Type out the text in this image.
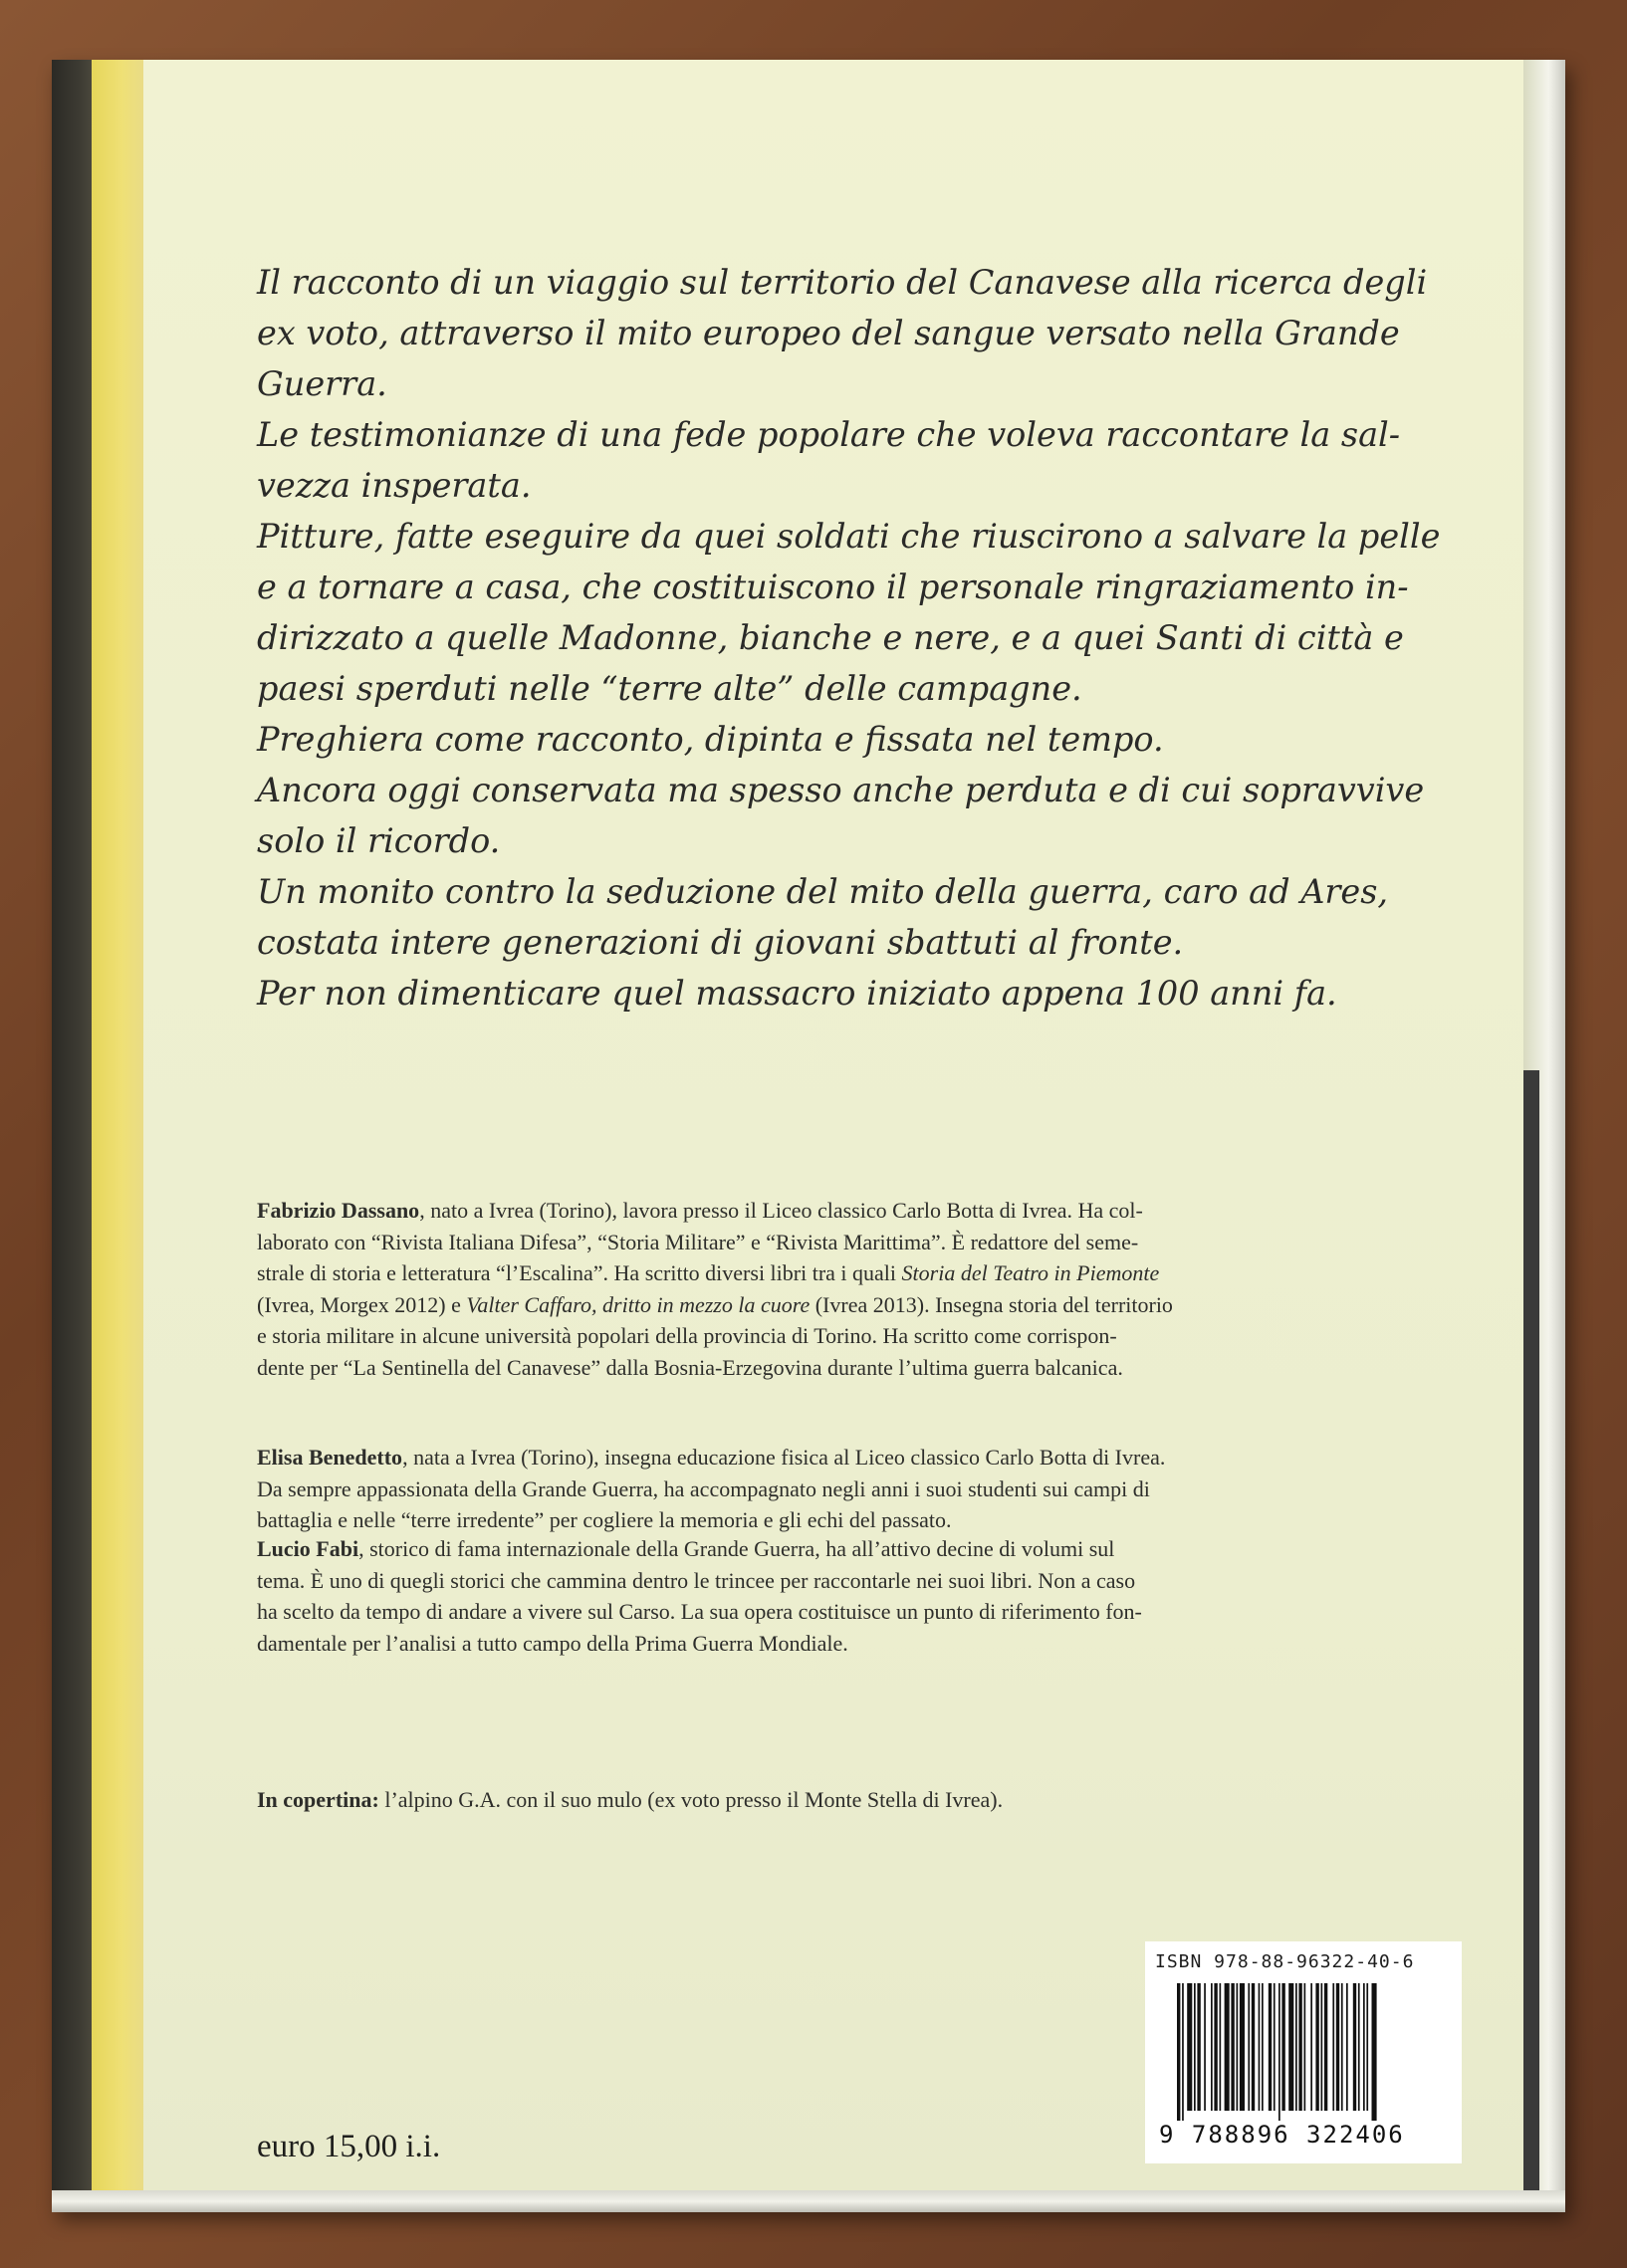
Il racconto di un viaggio sul territorio del Canavese alla ricerca degli
ex voto, attraverso il mito europeo del sangue versato nella Grande
Guerra.
Le testimonianze di una fede popolare che voleva raccontare la sal-
vezza insperata.
Pitture, fatte eseguire da quei soldati che riuscirono a salvare la pelle
e a tornare a casa, che costituiscono il personale ringraziamento in-
dirizzato a quelle Madonne, bianche e nere, e a quei Santi di città e
paesi sperduti nelle “terre alte” delle campagne.
Preghiera come racconto, dipinta e fissata nel tempo.
Ancora oggi conservata ma spesso anche perduta e di cui sopravvive
solo il ricordo.
Un monito contro la seduzione del mito della guerra, caro ad Ares,
costata intere generazioni di giovani sbattuti al fronte.
Per non dimenticare quel massacro iniziato appena 100 anni fa.
Fabrizio Dassano, nato a Ivrea (Torino), lavora presso il Liceo classico Carlo Botta di Ivrea. Ha col-
laborato con “Rivista Italiana Difesa”, “Storia Militare” e “Rivista Marittima”. È redattore del seme-
strale di storia e letteratura “l’Escalina”. Ha scritto diversi libri tra i quali Storia del Teatro in Piemonte
(Ivrea, Morgex 2012) e Valter Caffaro, dritto in mezzo la cuore (Ivrea 2013). Insegna storia del territorio
e storia militare in alcune università popolari della provincia di Torino. Ha scritto come corrispon-
dente per “La Sentinella del Canavese” dalla Bosnia-Erzegovina durante l’ultima guerra balcanica.
Elisa Benedetto, nata a Ivrea (Torino), insegna educazione fisica al Liceo classico Carlo Botta di Ivrea.
Da sempre appassionata della Grande Guerra, ha accompagnato negli anni i suoi studenti sui campi di
battaglia e nelle “terre irredente” per cogliere la memoria e gli echi del passato.
Lucio Fabi, storico di fama internazionale della Grande Guerra, ha all’attivo decine di volumi sul
tema. È uno di quegli storici che cammina dentro le trincee per raccontarle nei suoi libri. Non a caso
ha scelto da tempo di andare a vivere sul Carso. La sua opera costituisce un punto di riferimento fon-
damentale per l’analisi a tutto campo della Prima Guerra Mondiale.
In copertina: l’alpino G.A. con il suo mulo (ex voto presso il Monte Stella di Ivrea).
euro 15,00 i.i.
ISBN 978-88-96322-40-6
9 788896 322406
